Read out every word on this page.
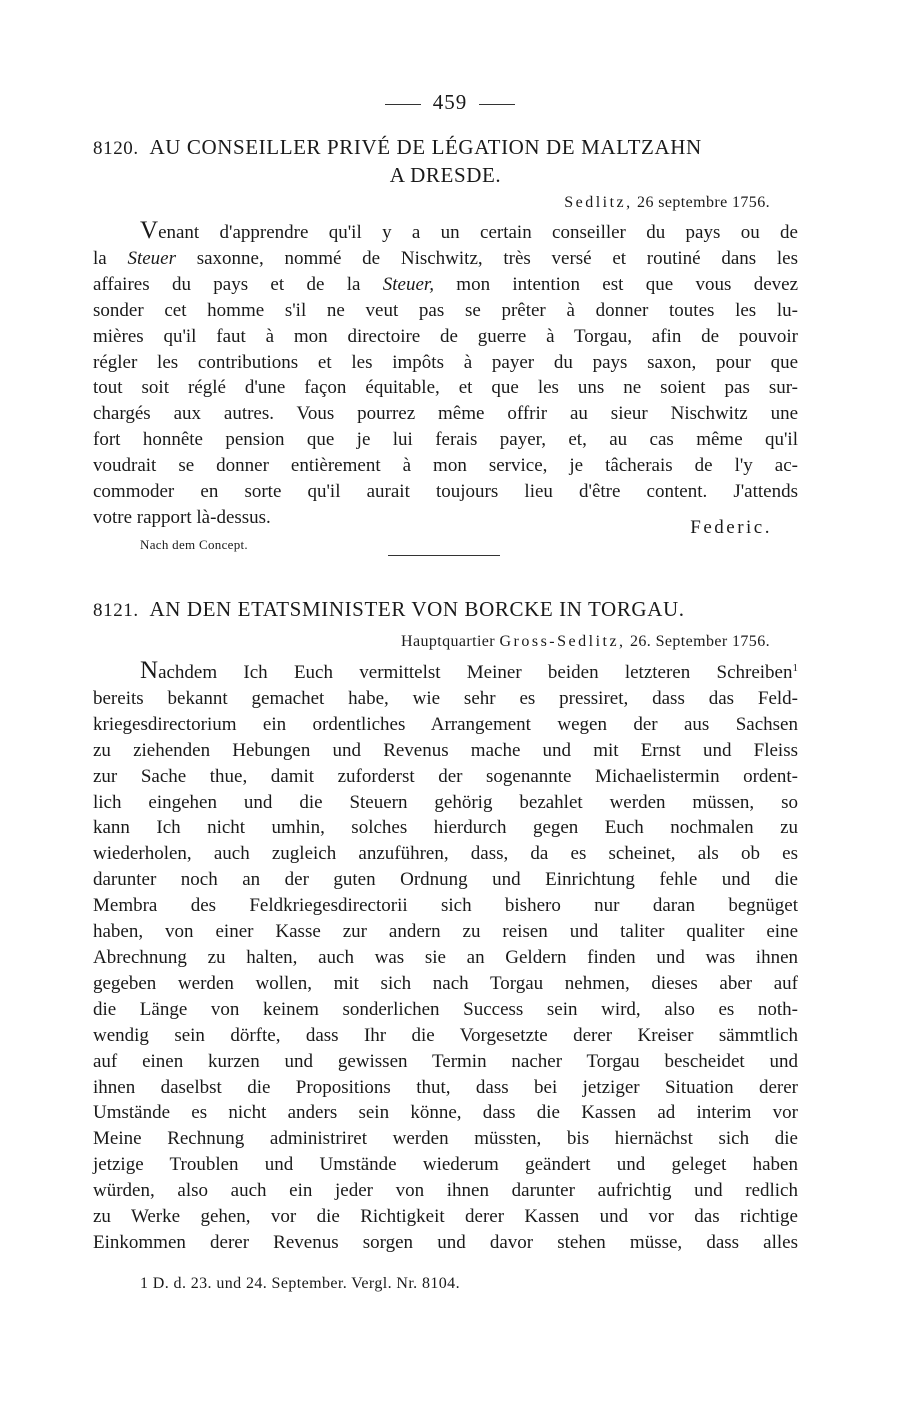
459
8120. AU CONSEILLER PRIVÉ DE LÉGATION DE MALTZAHN
A DRESDE.
Sedlitz, 26 septembre 1756.
Venant d'apprendre qu'il y a un certain conseiller du pays ou de
la Steuer saxonne, nommé de Nischwitz, très versé et routiné dans les
affaires du pays et de la Steuer, mon intention est que vous devez
sonder cet homme s'il ne veut pas se prêter à donner toutes les lu-
mières qu'il faut à mon directoire de guerre à Torgau, afin de pouvoir
régler les contributions et les impôts à payer du pays saxon, pour que
tout soit réglé d'une façon équitable, et que les uns ne soient pas sur-
chargés aux autres. Vous pourrez même offrir au sieur Nischwitz une
fort honnête pension que je lui ferais payer, et, au cas même qu'il
voudrait se donner entièrement à mon service, je tâcherais de l'y ac-
commoder en sorte qu'il aurait toujours lieu d'être content. J'attends
votre rapport là-dessus.	Federic.
Nach dem Concept.
8121. AN DEN ETATSMINISTER VON BORCKE IN TORGAU.
Hauptquartier Gross-Sedlitz, 26. September 1756.
Nachdem Ich Euch vermittelst Meiner beiden letzteren Schreiben$^1$
bereits bekannt gemachet habe, wie sehr es pressiret, dass das Feld-
kriegesdirectorium ein ordentliches Arrangement wegen der aus Sachsen
zu ziehenden Hebungen und Revenus mache und mit Ernst und Fleiss
zur Sache thue, damit zuforderst der sogenannte Michaelistermin ordent-
lich eingehen und die Steuern gehörig bezahlet werden müssen, so
kann Ich nicht umhin, solches hierdurch gegen Euch nochmalen zu
wiederholen, auch zugleich anzuführen, dass, da es scheinet, als ob es
darunter noch an der guten Ordnung und Einrichtung fehle und die
Membra des Feldkriegesdirectorii sich bishero nur daran begnüget
haben, von einer Kasse zur andern zu reisen und taliter qualiter eine
Abrechnung zu halten, auch was sie an Geldern finden und was ihnen
gegeben werden wollen, mit sich nach Torgau nehmen, dieses aber auf
die Länge von keinem sonderlichen Success sein wird, also es noth-
wendig sein dörfte, dass Ihr die Vorgesetzte derer Kreiser sämmtlich
auf einen kurzen und gewissen Termin nacher Torgau bescheidet und
ihnen daselbst die Propositions thut, dass bei jetziger Situation derer
Umstände es nicht anders sein könne, dass die Kassen ad interim vor
Meine Rechnung administriret werden müssten, bis hiernächst sich die
jetzige Troublen und Umstände wiederum geändert und geleget haben
würden, also auch ein jeder von ihnen darunter aufrichtig und redlich
zu Werke gehen, vor die Richtigkeit derer Kassen und vor das richtige
Einkommen derer Revenus sorgen und davor stehen müsse, dass alles
1 D. d. 23. und 24. September. Vergl. Nr. 8104.
